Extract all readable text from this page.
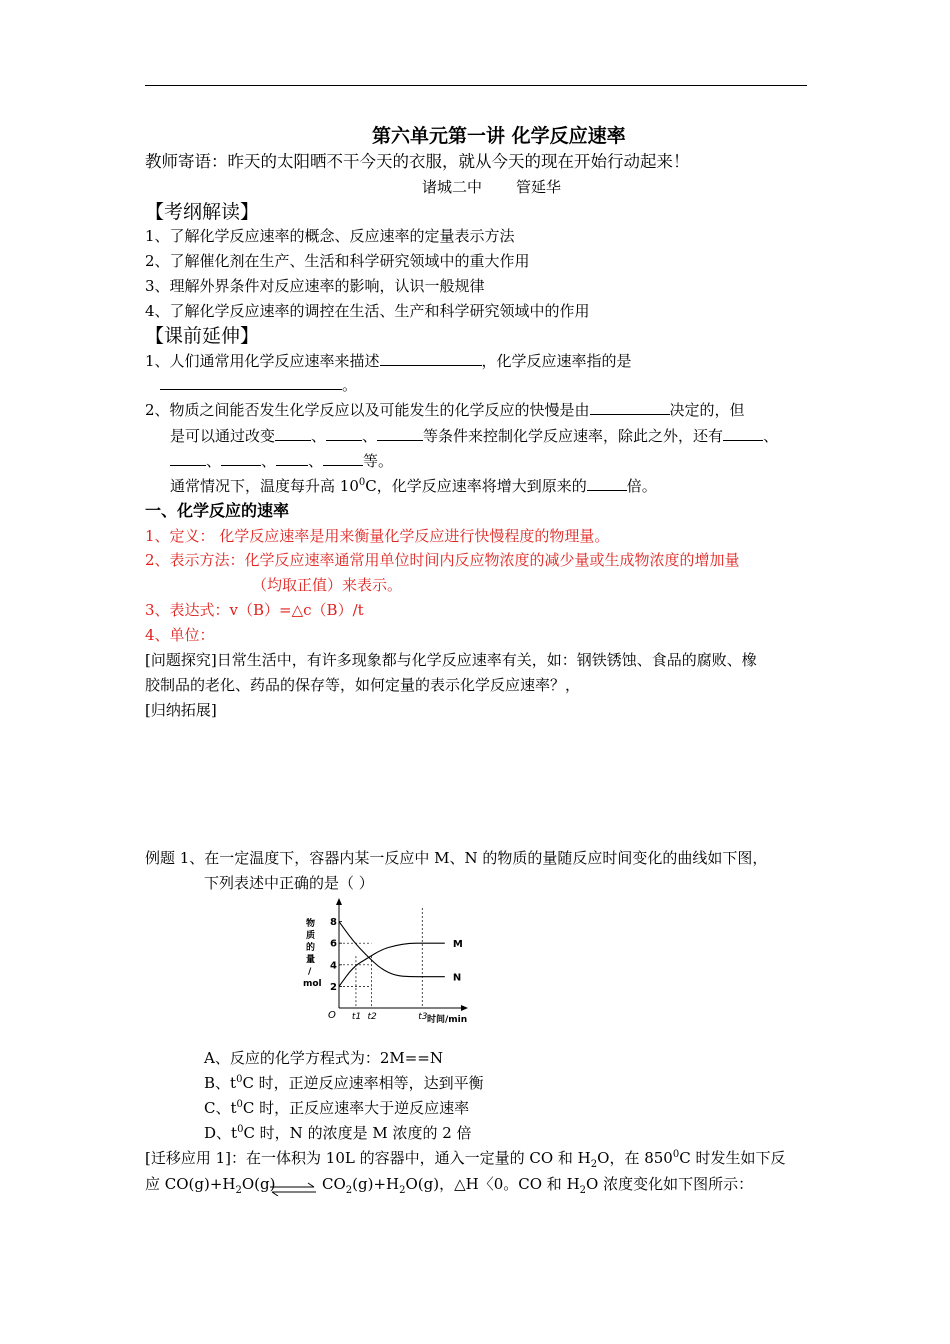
第六单元第一讲 化学反应速率
教师寄语：昨天的太阳晒不干今天的衣服，就从今天的现在开始行动起来！
诸城二中 管延华
【考纲解读】
1、了解化学反应速率的概念、反应速率的定量表示方法
2、了解催化剂在生产、生活和科学研究领域中的重大作用
3、理解外界条件对反应速率的影响，认识一般规律
4、了解化学反应速率的调控在生活、生产和科学研究领域中的作用
【课前延伸】
1、人们通常用化学反应速率来描述	，化学反应速率指的是
。
2、物质之间能否发生化学反应以及可能发生的化学反应的快慢是由	决定的，但
是可以通过改变 、 、	等条件来控制化学反应速率，除此之外，还有	、
、	、 、	等。
通常情况下，温度每升高 $10^0C$，化学反应速率将增大到原来的	倍。
一、化学反应的速率
1、定义： 化学反应速率是用来衡量化学反应进行快慢程度的物理量。
2、表示方法：化学反应速率通常用单位时间内反应物浓度的减少量或生成物浓度的增加量
（均取正值）来表示。
3、表达式：v（B）=△c（B）/t
4、单位：
[问题探究]日常生活中，有许多现象都与化学反应速率有关，如：钢铁锈蚀、食品的腐败、橡
胶制品的老化、药品的保存等，如何定量的表示化学反应速率？，
[归纳拓展]
例题 1、在一定温度下，容器内某一反应中 M、N 的物质的量随反应时间变化的曲线如下图，
下列表述中正确的是（ ）
物质的量/ mol
时间/min
O
2
4
6
8
t1 t2	t3
M
N
A、反应的化学方程式为：2M==N
B、$t^0C$ 时，正逆反应速率相等，达到平衡
C、$t^0C$ 时，正反应速率大于逆反应速率
D、$t^0C$ 时，N 的浓度是 M 浓度的 2 倍
[迁移应用 1]：在一体积为 10L 的容器中，通入一定量的 CO 和 $H_2O$，在 $850^0C$ 时发生如下反
应 $CO(g)+H_2O(g)$ ⇌ $CO_2(g)+H_2O(g)$，△H〈0。CO 和 $H_2O$ 浓度变化如下图所示：
